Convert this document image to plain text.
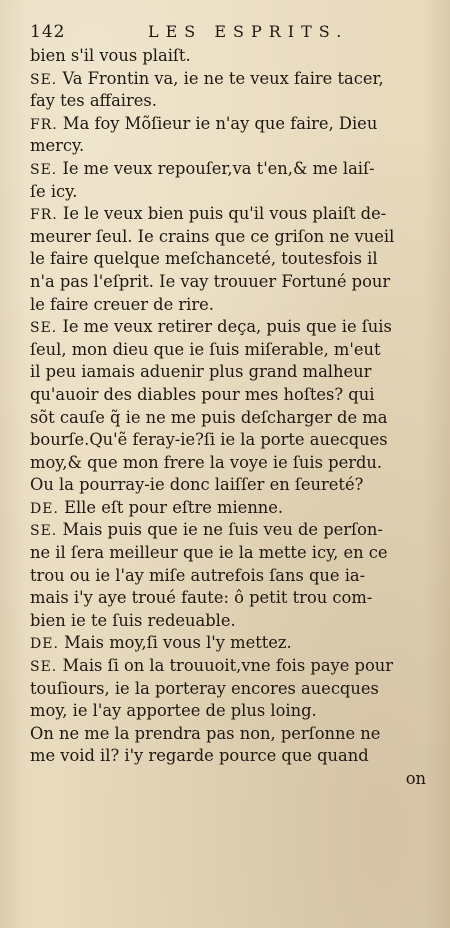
142	LES ESPRITS.
bien s'il vous plaiſt.
SE. Va Frontin va, ie ne te veux faire tacer,
fay tes affaires.
FR. Ma foy Mõſieur ie n'ay que faire, Dieu
mercy.
SE. Ie me veux repouſer,va t'en,& me laiſ-
ſe icy.
FR. Ie le veux bien puis qu'il vous plaiſt de-
meurer ſeul. Ie crains que ce griſon ne vueil
le faire quelque meſchanceté, toutesfois il
n'a pas l'eſprit. Ie vay trouuer Fortuné pour
le faire creuer de rire.
SE. Ie me veux retirer deça, puis que ie ſuis
ſeul, mon dieu que ie ſuis miſerable, m'eut
il peu iamais aduenir plus grand malheur
qu'auoir des diables pour mes hoſtes? qui
sõt cauſe q̃ ie ne me puis deſcharger de ma
bourſe.Qu'ẽ feray-ie?ſi ie la porte auecques
moy,& que mon frere la voye ie ſuis perdu.
Ou la pourray-ie donc laiſſer en ſeureté?
DE. Elle eſt pour eſtre mienne.
SE. Mais puis que ie ne ſuis veu de perſon-
ne il ſera meilleur que ie la mette icy, en ce
trou ou ie l'ay miſe autrefois ſans que ia-
mais i'y aye troué faute: ô petit trou com-
bien ie te ſuis redeuable.
DE. Mais moy,ſi vous l'y mettez.
SE. Mais ſi on la trouuoit,vne fois paye pour
touſiours, ie la porteray encores auecques
moy, ie l'ay apportee de plus loing.
On ne me la prendra pas non, perſonne ne
me void il? i'y regarde pource que quand
on
